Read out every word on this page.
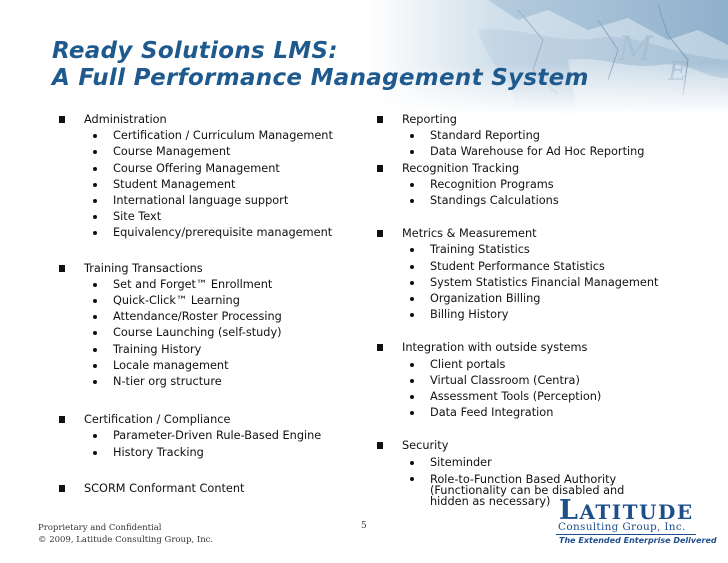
Ready Solutions LMS:
A Full Performance Management System
Administration
Certification / Curriculum Management
Course Management
Course Offering Management
Student Management
International language support
Site Text
Equivalency/prerequisite management
Training Transactions
Set and Forget™ Enrollment
Quick-Click™ Learning
Attendance/Roster Processing
Course Launching (self-study)
Training History
Locale management
N-tier org structure
Certification / Compliance
Parameter-Driven Rule-Based Engine
History Tracking
SCORM Conformant Content
Reporting
Standard Reporting
Data Warehouse for Ad Hoc Reporting
Recognition Tracking
Recognition Programs
Standings Calculations
Metrics & Measurement
Training Statistics
Student Performance Statistics
System Statistics Financial Management
Organization Billing
Billing History
Integration with outside systems
Client portals
Virtual Classroom (Centra)
Assessment Tools (Perception)
Data Feed Integration
Security
Siteminder
Role-to-Function Based Authority (Functionality can be disabled and hidden as necessary)
Proprietary and Confidential
© 2009, Latitude Consulting Group, Inc.
5	LATITUDE
Consulting Group, Inc.
The Extended Enterprise Delivered
